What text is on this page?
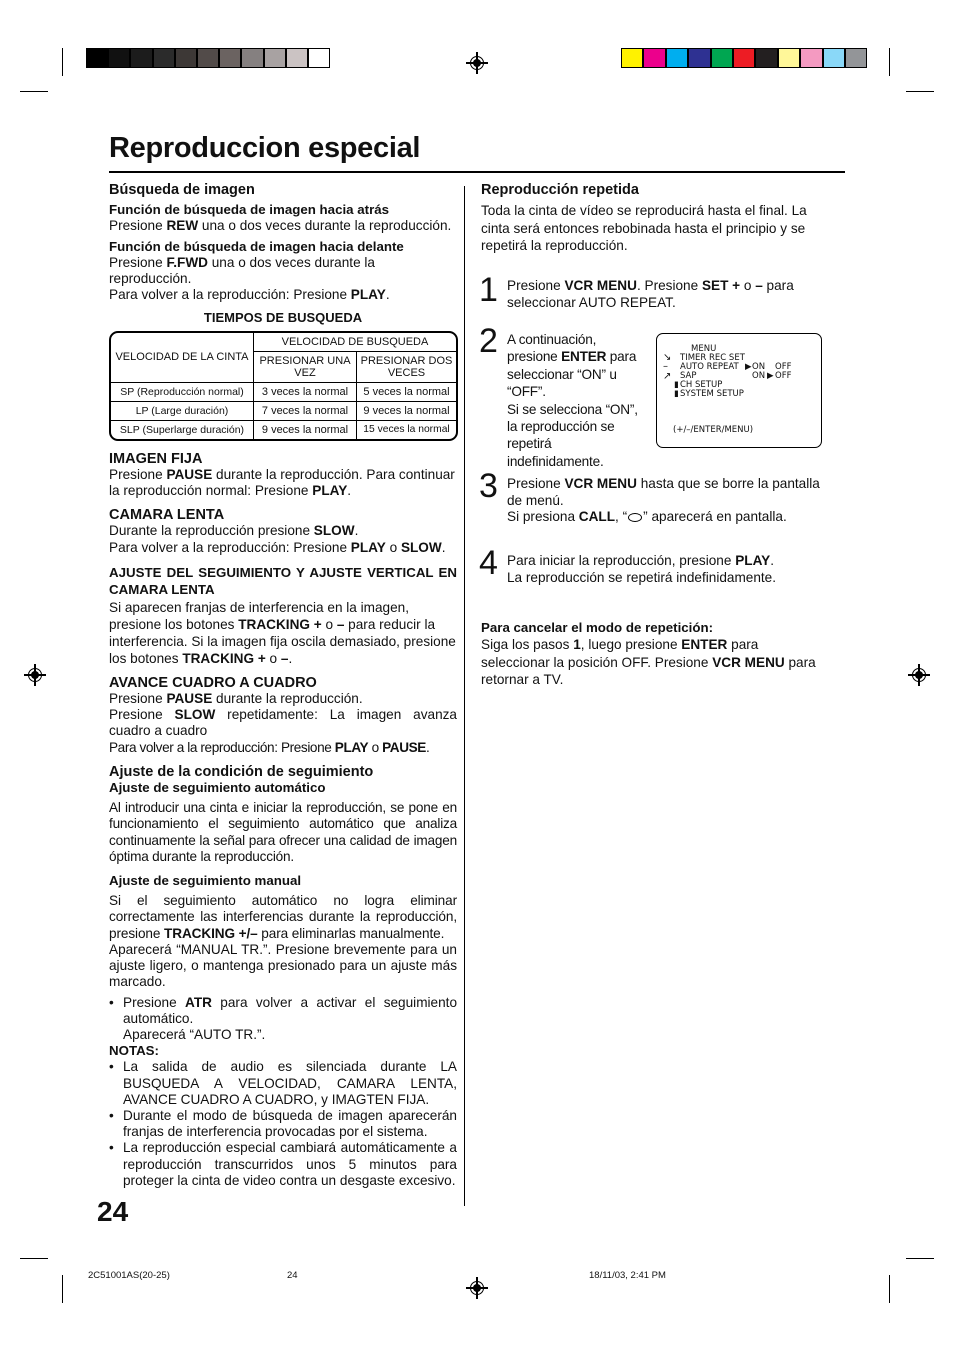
Reproduccion especial

Búsqueda de imagen

Función de búsqueda de imagen hacia atrás

Presione REW una o dos veces durante la reproducción.

Función de búsqueda de imagen hacia delante

Presione F.FWD una o dos veces durante la reproducción.

Para volver a la reproducción: Presione PLAY.

TIEMPOS DE BUSQUEDA

VELOCIDAD DE LA CINTA	VELOCIDAD DE BUSQUEDA	
	PRESIONAR UNA VEZ	PRESIONAR DOS VECES
SP (Reproducción normal)	3 veces la normal	5 veces la normal
LP (Large duración)	7 veces la normal	9 veces la normal
SLP (Superlarge duración)	9 veces la normal	15 veces la normal

IMAGEN FIJA

Presione PAUSE durante la reproducción. Para continuar la reproducción normal: Presione PLAY.

CAMARA LENTA

Durante la reproducción presione SLOW.

Para volver a la reproducción: Presione PLAY o SLOW.

AJUSTE DEL SEGUIMIENTO Y AJUSTE VERTICAL EN CAMARA LENTA

Si aparecen franjas de interferencia en la imagen, presione los botones TRACKING + o – para reducir la interferencia. Si la imagen fija oscila demasiado, presione los botones TRACKING + o –.

AVANCE CUADRO A CUADRO

Presione PAUSE durante la reproducción.

Presione SLOW repetidamente: La imagen avanza cuadro a cuadro

Para volver a la reproducción: Presione PLAY o PAUSE.

Ajuste de la condición de seguimiento

Ajuste de seguimiento automático

Al introducir una cinta e iniciar la reproducción, se pone en funcionamiento el seguimiento automático que analiza continuamente la señal para ofrecer una calidad de imagen óptima durante la reproducción.

Ajuste de seguimiento manual

Si el seguimiento automático no logra eliminar correctamente las interferencias durante la reproducción, presione TRACKING +/– para eliminarlas manualmente.

Aparecerá “MANUAL TR.”. Presione brevemente para un ajuste ligero, o mantenga presionado para un ajuste más marcado.

• Presione ATR para volver a activar el seguimiento automático.
Aparecerá “AUTO TR.”.

NOTAS:

• La salida de audio es silenciada durante LA BUSQUEDA A VELOCIDAD, CAMARA LENTA, AVANCE CUADRO A CUADRO, y IMAGTEN FIJA.

• Durante el modo de búsqueda de imagen aparecerán franjas de interferencia provocadas por el sistema.

• La reproducción especial cambiará automáticamente a reproducción transcurridos unos 5 minutos para proteger la cinta de video contra un desgaste excesivo.

Reproducción repetida

Toda la cinta de vídeo se reproducirá hasta el final. La cinta será entonces rebobinada hasta el principio y se repetirá la reproducción.

1 Presione VCR MENU. Presione SET + o – para seleccionar AUTO REPEAT.
2 A continuación, presione ENTER para seleccionar “ON” u “OFF”.
Si se selecciona “ON”, la reproducción se repetirá indefinidamente.
MENU
↘
–
↗
TIMER REC SET
AUTO REPEAT ▶ ON OFF
SAP	ON ▶ OFF
▮ CH SETUP
▮ SYSTEM SETUP
(+/–/ENTER/MENU)
3 Presione VCR MENU hasta que se borre la pantalla de menú.
Si presiona CALL, “ ” aparecerá en pantalla.
4 Para iniciar la reproducción, presione PLAY.
La reproducción se repetirá indefinidamente.

Para cancelar el modo de repetición:

Siga los pasos 1, luego presione ENTER para seleccionar la posición OFF. Presione VCR MENU para retornar a TV.

24
2C51001AS(20-25)	24	18/11/03, 2:41 PM
